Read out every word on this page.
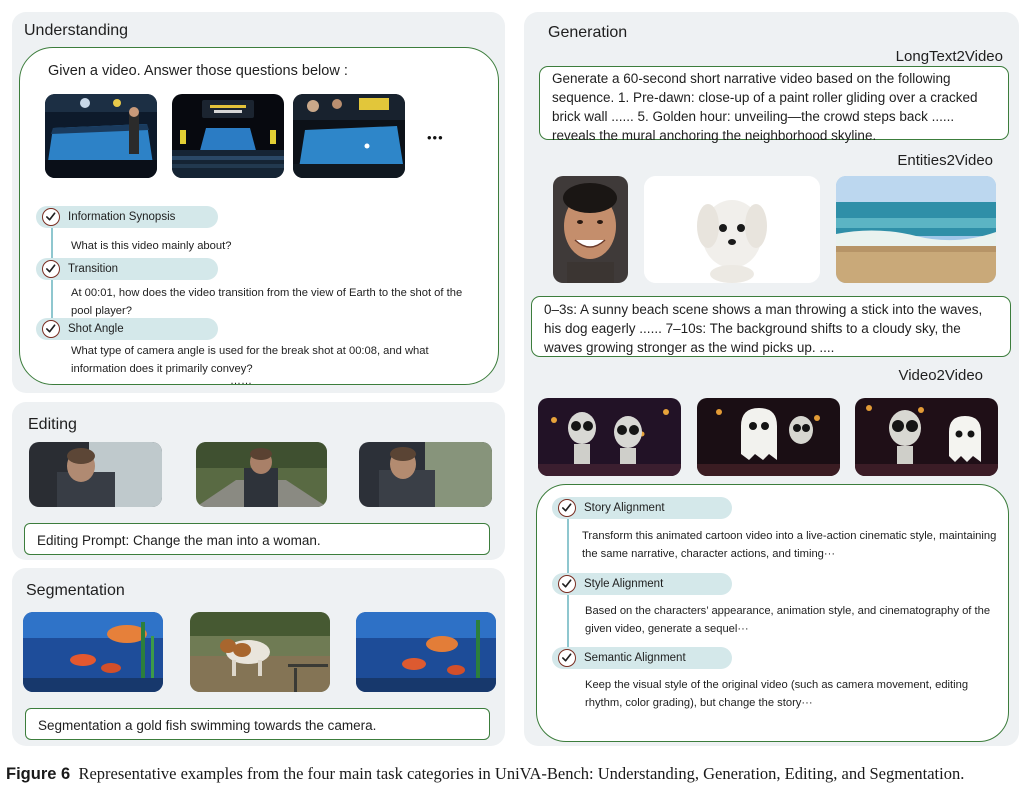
Understanding
Given a video. Answer those questions below :
•••
Information Synopsis
What is this video mainly about?
Transition
At 00:01, how does the video transition from the view of Earth to the shot of the pool player?
Shot Angle
What type of camera angle is used for the break shot at 00:08, and what information does it primarily convey?
……
Editing
Editing Prompt: Change the man into a woman.
Segmentation
Segmentation a gold fish swimming towards the camera.
Generation
LongText2Video
Generate a 60-second short narrative video based on the following sequence. 1. Pre-dawn: close-up of a paint roller gliding over a cracked brick wall ...... 5. Golden hour: unveiling—the crowd steps back ...... reveals the mural anchoring the neighborhood skyline.
Entities2Video
0–3s: A sunny beach scene shows a man throwing a stick into the waves, his dog eagerly ...... 7–10s: The background shifts to a cloudy sky, the waves growing stronger as the wind picks up. ....
Video2Video
Story Alignment
Transform this animated cartoon video into a live-action cinematic style, maintaining the same narrative, character actions, and timing···
Style Alignment
Based on the characters’ appearance, animation style, and cinematography of the given video, generate a sequel···
Semantic Alignment
Keep the visual style of the original video (such as camera movement, editing rhythm, color grading), but change the story···
Figure 6 Representative examples from the four main task categories in UniVA-Bench: Understanding, Generation, Editing, and Segmentation.
